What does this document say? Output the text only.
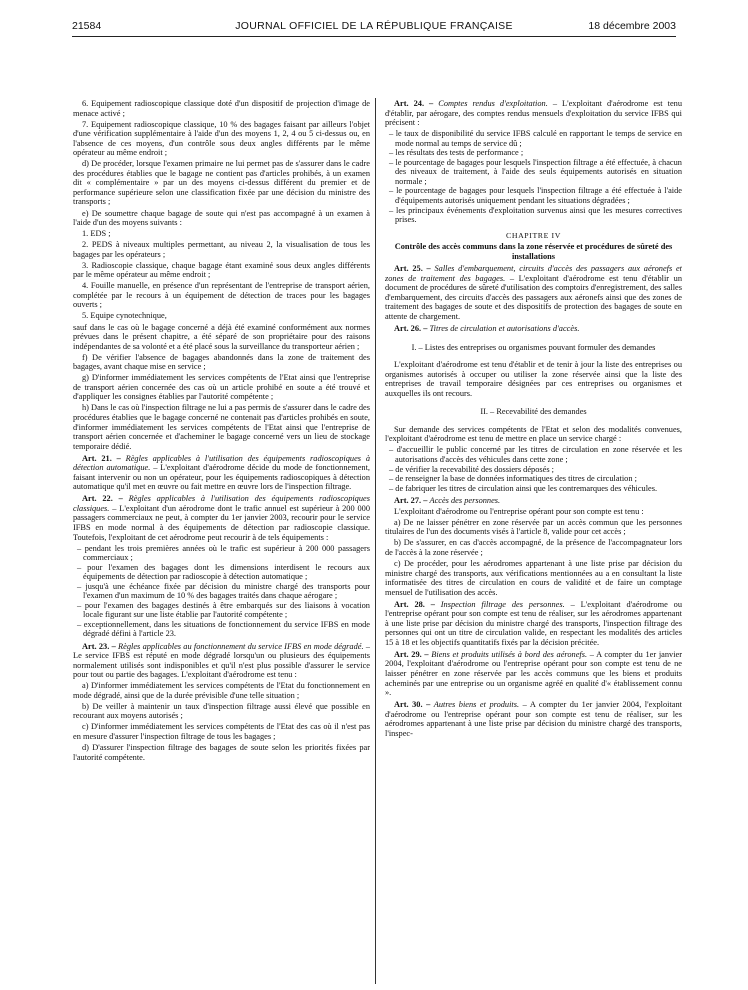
21584	JOURNAL OFFICIEL DE LA RÉPUBLIQUE FRANÇAISE	18 décembre 2003

6. Equipement radioscopique classique doté d'un dispositif de projection d'image de menace activé ;

7. Equipement radioscopique classique, 10 % des bagages faisant par ailleurs l'objet d'une vérification supplémentaire à l'aide d'un des moyens 1, 2, 4 ou 5 ci-dessus ou, en l'absence de ces moyens, d'un contrôle sous deux angles différents par le même opérateur au même endroit ;

d) De procéder, lorsque l'examen primaire ne lui permet pas de s'assurer dans le cadre des procédures établies que le bagage ne contient pas d'articles prohibés, à un examen dit « complémentaire » par un des moyens ci-dessus différent du premier et de performance supérieure selon une classification fixée par une décision du ministre des transports ;

e) De soumettre chaque bagage de soute qui n'est pas accompagné à un examen à l'aide d'un des moyens suivants :

1. EDS ;

2. PEDS à niveaux multiples permettant, au niveau 2, la visualisation de tous les bagages par les opérateurs ;

3. Radioscopie classique, chaque bagage étant examiné sous deux angles différents par le même opérateur au même endroit ;

4. Fouille manuelle, en présence d'un représentant de l'entreprise de transport aérien, complétée par le recours à un équipement de détection de traces pour les bagages ouverts ;

5. Equipe cynotechnique,

sauf dans le cas où le bagage concerné a déjà été examiné conformément aux normes prévues dans le présent chapitre, a été séparé de son propriétaire pour des raisons indépendantes de sa volonté et a été placé sous la surveillance du transporteur aérien ;

f) De vérifier l'absence de bagages abandonnés dans la zone de traitement des bagages, avant chaque mise en service ;

g) D'informer immédiatement les services compétents de l'Etat ainsi que l'entreprise de transport aérien concernée des cas où un article prohibé en soute a été trouvé et d'appliquer les consignes établies par l'autorité compétente ;

h) Dans le cas où l'inspection filtrage ne lui a pas permis de s'assurer dans le cadre des procédures établies que le bagage concerné ne contenait pas d'articles prohibés en soute, d'informer immédiatement les services compétents de l'Etat ainsi que l'entreprise de transport aérien concernée et d'acheminer le bagage concerné vers un lieu de stockage temporaire dédié.

Art. 21. – Règles applicables à l'utilisation des équipements radioscopiques à détection automatique. – L'exploitant d'aérodrome décide du mode de fonctionnement, faisant intervenir ou non un opérateur, pour les équipements radioscopiques à détection automatique qu'il met en œuvre ou fait mettre en œuvre lors de l'inspection filtrage.

Art. 22. – Règles applicables à l'utilisation des équipements radioscopiques classiques. – L'exploitant d'un aérodrome dont le trafic annuel est supérieur à 200 000 passagers commerciaux ne peut, à compter du 1er janvier 2003, recourir pour le service IFBS en mode normal à des équipements de détection par radioscopie classique. Toutefois, l'exploitant de cet aérodrome peut recourir à de tels équipements :

– pendant les trois premières années où le trafic est supérieur à 200 000 passagers commerciaux ;
– pour l'examen des bagages dont les dimensions interdisent le recours aux équipements de détection par radioscopie à détection automatique ;
– jusqu'à une échéance fixée par décision du ministre chargé des transports pour l'examen d'un maximum de 10 % des bagages traités dans chaque aérogare ;
– pour l'examen des bagages destinés à être embarqués sur des liaisons à vocation locale figurant sur une liste établie par l'autorité compétente ;
– exceptionnellement, dans les situations de fonctionnement du service IFBS en mode dégradé défini à l'article 23.

Art. 23. – Règles applicables au fonctionnement du service IFBS en mode dégradé. – Le service IFBS est réputé en mode dégradé lorsqu'un ou plusieurs des équipements normalement utilisés sont indisponibles et qu'il n'est plus possible d'assurer le service pour tout ou partie des bagages. L'exploitant d'aérodrome est tenu :

a) D'informer immédiatement les services compétents de l'Etat du fonctionnement en mode dégradé, ainsi que de la durée prévisible d'une telle situation ;

b) De veiller à maintenir un taux d'inspection filtrage aussi élevé que possible en recourant aux moyens autorisés ;

c) D'informer immédiatement les services compétents de l'Etat des cas où il n'est pas en mesure d'assurer l'inspection filtrage de tous les bagages ;

d) D'assurer l'inspection filtrage des bagages de soute selon les priorités fixées par l'autorité compétente.

Art. 24. – Comptes rendus d'exploitation. – L'exploitant d'aérodrome est tenu d'établir, par aérogare, des comptes rendus mensuels d'exploitation du service IFBS qui précisent :

– le taux de disponibilité du service IFBS calculé en rapportant le temps de service en mode normal au temps de service dû ;
– les résultats des tests de performance ;
– le pourcentage de bagages pour lesquels l'inspection filtrage a été effectuée, à chacun des niveaux de traitement, à l'aide des seuls équipements autorisés en situation normale ;
– le pourcentage de bagages pour lesquels l'inspection filtrage a été effectuée à l'aide d'équipements autorisés uniquement pendant les situations dégradées ;
– les principaux événements d'exploitation survenus ainsi que les mesures correctives prises.

CHAPITRE IV

Contrôle des accès communs dans la zone réservée et procédures de sûreté des installations

Art. 25. – Salles d'embarquement, circuits d'accès des passagers aux aéronefs et zones de traitement des bagages. – L'exploitant d'aérodrome est tenu d'établir un document de procédures de sûreté d'utilisation des comptoirs d'enregistrement, des salles d'embarquement, des circuits d'accès des passagers aux aéronefs ainsi que des zones de traitement des bagages de soute et des dispositifs de protection des bagages de soute en attente de chargement.

Art. 26. – Titres de circulation et autorisations d'accès.

I. – Listes des entreprises ou organismes pouvant formuler des demandes

L'exploitant d'aérodrome est tenu d'établir et de tenir à jour la liste des entreprises ou organismes autorisés à occuper ou utiliser la zone réservée ainsi que la liste des entreprises de travail temporaire désignées par ces entreprises ou organismes et auxquelles ils ont recours.

II. – Recevabilité des demandes

Sur demande des services compétents de l'Etat et selon des modalités convenues, l'exploitant d'aérodrome est tenu de mettre en place un service chargé :

– d'accueillir le public concerné par les titres de circulation en zone réservée et les autorisations d'accès des véhicules dans cette zone ;
– de vérifier la recevabilité des dossiers déposés ;
– de renseigner la base de données informatiques des titres de circulation ;
– de fabriquer les titres de circulation ainsi que les contremarques des véhicules.

Art. 27. – Accès des personnes.

L'exploitant d'aérodrome ou l'entreprise opérant pour son compte est tenu :

a) De ne laisser pénétrer en zone réservée par un accès commun que les personnes titulaires de l'un des documents visés à l'article 8, valide pour cet accès ;

b) De s'assurer, en cas d'accès accompagné, de la présence de l'accompagnateur lors de l'accès à la zone réservée ;

c) De procéder, pour les aérodromes appartenant à une liste prise par décision du ministre chargé des transports, aux vérifications mentionnées au a en consultant la liste informatisée des titres de circulation en cours de validité et de faire un comptage mensuel de l'utilisation des accès.

Art. 28. – Inspection filtrage des personnes. – L'exploitant d'aérodrome ou l'entreprise opérant pour son compte est tenu de réaliser, sur les aérodromes appartenant à une liste prise par décision du ministre chargé des transports, l'inspection filtrage des personnes qui ont un titre de circulation valide, en respectant les modalités des articles 15 à 18 et les objectifs quantitatifs fixés par la décision précitée.

Art. 29. – Biens et produits utilisés à bord des aéronefs. – A compter du 1er janvier 2004, l'exploitant d'aérodrome ou l'entreprise opérant pour son compte est tenu de ne laisser pénétrer en zone réservée par les accès communs que les biens et produits acheminés par une entreprise ou un organisme agréé en qualité d'« établissement connu ».

Art. 30. – Autres biens et produits. – A compter du 1er janvier 2004, l'exploitant d'aérodrome ou l'entreprise opérant pour son compte est tenu de réaliser, sur les aérodromes appartenant à une liste prise par décision du ministre chargé des transports, l'inspec-
